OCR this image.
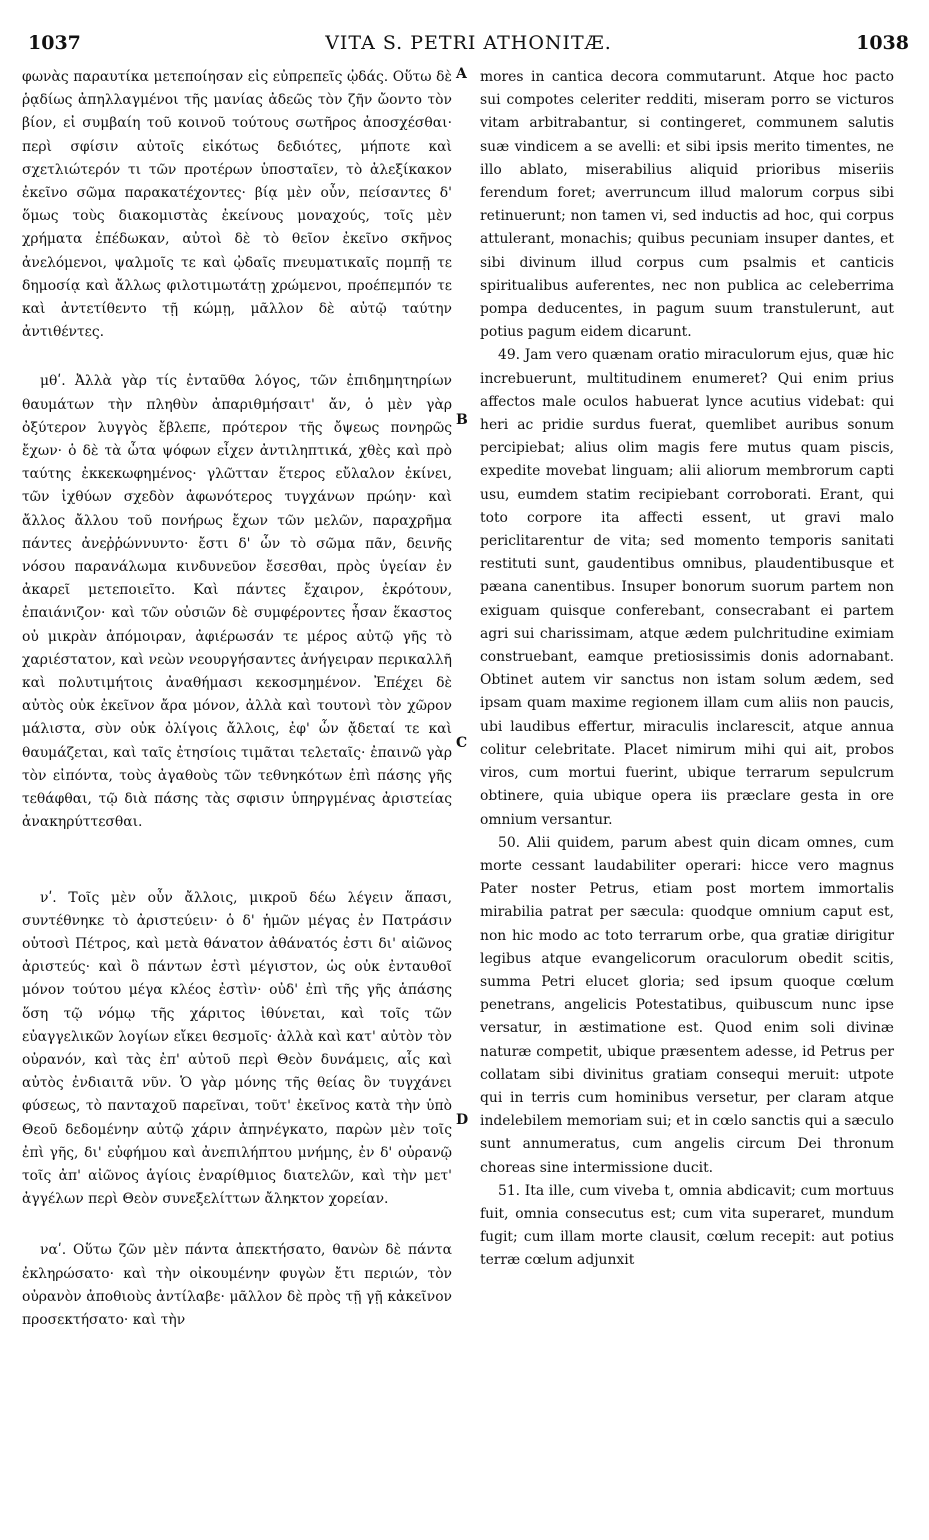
1037	VITA S. PETRI ATHONITÆ.	1038

φωνὰς παραυτίκα μετεποίησαν εἰς εὐπρεπεῖς ᾠδάς. Οὕτω δὲ ῥᾳδίως ἀπηλλαγμένοι τῆς μανίας ἀδεῶς τὸν ζῆν ὤοντο τὸν βίον, εἰ συμβαίη τοῦ κοινοῦ τούτους σωτῆρος ἀποσχέσθαι· περὶ σφίσιν αὐτοῖς εἰκότως δεδιότες, μήποτε καὶ σχετλιώτερόν τι τῶν προτέρων ὑποσταῖεν, τὸ ἀλεξίκακον ἐκεῖνο σῶμα παρακατέχοντες· βίᾳ μὲν οὖν, πείσαντες δ' ὅμως τοὺς διακομιστὰς ἐκείνους μοναχούς, τοῖς μὲν χρήματα ἐπέδωκαν, αὐτοὶ δὲ τὸ θεῖον ἐκεῖνο σκῆνος ἀνελόμενοι, ψαλμοῖς τε καὶ ᾠδαῖς πνευματικαῖς πομπῇ τε δημοσίᾳ καὶ ἄλλως φιλοτιμωτάτῃ χρώμενοι, προέπεμπόν τε καὶ ἀντετίθεντο τῇ κώμῃ, μᾶλλον δὲ αὐτῷ ταύτην ἀντιθέντες.

μθʹ. Ἀλλὰ γὰρ τίς ἐνταῦθα λόγος, τῶν ἐπιδημητηρίων θαυμάτων τὴν πληθὺν ἀπαριθμήσαιτ' ἄν, ὁ μὲν γὰρ ὀξύτερον λυγγὸς ἔβλεπε, πρότερον τῆς ὄψεως πονηρῶς ἔχων· ὁ δὲ τὰ ὦτα ψόφων εἶχεν ἀντιληπτικά, χθὲς καὶ πρὸ ταύτης ἐκκεκωφημένος· γλῶτταν ἕτερος εὔλαλον ἐκίνει, τῶν ἰχθύων σχεδὸν ἀφωνότερος τυγχάνων πρώην· καὶ ἄλλος ἄλλου τοῦ πονήρως ἔχων τῶν μελῶν, παραχρῆμα πάντες ἀνεῤῥώννυντο· ἔστι δ' ὧν τὸ σῶμα πᾶν, δεινῆς νόσου παρανάλωμα κινδυνεῦον ἔσεσθαι, πρὸς ὑγείαν ἐν ἀκαρεῖ μετεποιεῖτο. Καὶ πάντες ἔχαιρον, ἐκρότουν, ἐπαιάνιζον· καὶ τῶν οὐσιῶν δὲ συμφέροντες ἦσαν ἕκαστος οὐ μικρὰν ἀπόμοιραν, ἀφιέρωσάν τε μέρος αὐτῷ γῆς τὸ χαριέστατον, καὶ νεὼν νεουργήσαντες ἀνήγειραν περικαλλῆ καὶ πολυτιμήτοις ἀναθήμασι κεκοσμημένον. Ἐπέχει δὲ αὐτὸς οὐκ ἐκεῖνον ἄρα μόνον, ἀλλὰ καὶ τουτονὶ τὸν χῶρον μάλιστα, σὺν οὐκ ὀλίγοις ἄλλοις, ἐφ' ὧν ᾄδεταί τε καὶ θαυμάζεται, καὶ ταῖς ἐτησίοις τιμᾶται τελεταῖς· ἐπαινῶ γὰρ τὸν εἰπόντα, τοὺς ἀγαθοὺς τῶν τεθνηκότων ἐπὶ πάσης γῆς τεθάφθαι, τῷ διὰ πάσης τὰς σφισιν ὑπηργμένας ἀριστείας ἀνακηρύττεσθαι.

νʹ. Τοῖς μὲν οὖν ἄλλοις, μικροῦ δέω λέγειν ἅπασι, συντέθνηκε τὸ ἀριστεύειν· ὁ δ' ἡμῶν μέγας ἐν Πατράσιν οὑτοσὶ Πέτρος, καὶ μετὰ θάνατον ἀθάνατός ἐστι δι' αἰῶνος ἀριστεύς· καὶ ὃ πάντων ἐστὶ μέγιστον, ὡς οὐκ ἐνταυθοῖ μόνον τούτου μέγα κλέος ἐστὶν· οὐδ' ἐπὶ τῆς γῆς ἁπάσης ὅση τῷ νόμῳ τῆς χάριτος ἰθύνεται, καὶ τοῖς τῶν εὐαγγελικῶν λογίων εἴκει θεσμοῖς· ἀλλὰ καὶ κατ' αὐτὸν τὸν οὐρανόν, καὶ τὰς ἐπ' αὐτοῦ περὶ Θεὸν δυνάμεις, αἷς καὶ αὐτὸς ἐνδιαιτᾶ νῦν. Ὁ γὰρ μόνης τῆς θείας ὂν τυγχάνει φύσεως, τὸ πανταχοῦ παρεῖναι, τοῦτ' ἐκεῖνος κατὰ τὴν ὑπὸ Θεοῦ δεδομένην αὐτῷ χάριν ἀπηνέγκατο, παρὼν μὲν τοῖς ἐπὶ γῆς, δι' εὐφήμου καὶ ἀνεπιλήπτου μνήμης, ἐν δ' οὐρανῷ τοῖς ἀπ' αἰῶνος ἁγίοις ἐναρίθμιος διατελῶν, καὶ τὴν μετ' ἀγγέλων περὶ Θεὸν συνεξελίττων ἄληκτον χορείαν.

ναʹ. Οὕτω ζῶν μὲν πάντα ἀπεκτήσατο, θανὼν δὲ πάντα ἐκληρώσατο· καὶ τὴν οἰκουμένην φυγὼν ἔτι περιών, τὸν οὐρανὸν ἀποθιοὺς ἀντίλαβε· μᾶλλον δὲ πρὸς τῇ γῇ κἀκεῖνον προσεκτήσατο· καὶ τὴν

A
B
C
D

mores in cantica decora commutarunt. Atque hoc pacto sui compotes celeriter redditi, miseram porro se victuros vitam arbitrabantur, si contingeret, communem salutis suæ vindicem a se avelli: et sibi ipsis merito timentes, ne illo ablato, miserabilius aliquid prioribus miseriis ferendum foret; averruncum illud malorum corpus sibi retinuerunt; non tamen vi, sed inductis ad hoc, qui corpus attulerant, monachis; quibus pecuniam insuper dantes, et sibi divinum illud corpus cum psalmis et canticis spiritualibus auferentes, nec non publica ac celeberrima pompa deducentes, in pagum suum transtulerunt, aut potius pagum eidem dicarunt.

49. Jam vero quænam oratio miraculorum ejus, quæ hic increbuerunt, multitudinem enumeret? Qui enim prius affectos male oculos habuerat lynce acutius videbat: qui heri ac pridie surdus fuerat, quemlibet auribus sonum percipiebat; alius olim magis fere mutus quam piscis, expedite movebat linguam; alii aliorum membrorum capti usu, eumdem statim recipiebant corroborati. Erant, qui toto corpore ita affecti essent, ut gravi malo periclitarentur de vita; sed momento temporis sanitati restituti sunt, gaudentibus omnibus, plaudentibusque et pæana canentibus. Insuper bonorum suorum partem non exiguam quisque conferebant, consecrabant ei partem agri sui charissimam, atque ædem pulchritudine eximiam construebant, eamque pretiosissimis donis adornabant. Obtinet autem vir sanctus non istam solum ædem, sed ipsam quam maxime regionem illam cum aliis non paucis, ubi laudibus effertur, miraculis inclarescit, atque annua colitur celebritate. Placet nimirum mihi qui ait, probos viros, cum mortui fuerint, ubique terrarum sepulcrum obtinere, quia ubique opera iis præclare gesta in ore omnium versantur.

50. Alii quidem, parum abest quin dicam omnes, cum morte cessant laudabiliter operari: hicce vero magnus Pater noster Petrus, etiam post mortem immortalis mirabilia patrat per sæcula: quodque omnium caput est, non hic modo ac toto terrarum orbe, qua gratiæ dirigitur legibus atque evangelicorum oraculorum obedit scitis, summa Petri elucet gloria; sed ipsum quoque cœlum penetrans, angelicis Potestatibus, quibuscum nunc ipse versatur, in æstimatione est. Quod enim soli divinæ naturæ competit, ubique præsentem adesse, id Petrus per collatam sibi divinitus gratiam consequi meruit: utpote qui in terris cum hominibus versetur, per claram atque indelebilem memoriam sui; et in cœlo sanctis qui a sæculo sunt annumeratus, cum angelis circum Dei thronum choreas sine intermissione ducit.

51. Ita ille, cum viveba t, omnia abdicavit; cum mortuus fuit, omnia consecutus est; cum vita superaret, mundum fugit; cum illam morte clausit, cœlum recepit: aut potius terræ cœlum adjunxit
